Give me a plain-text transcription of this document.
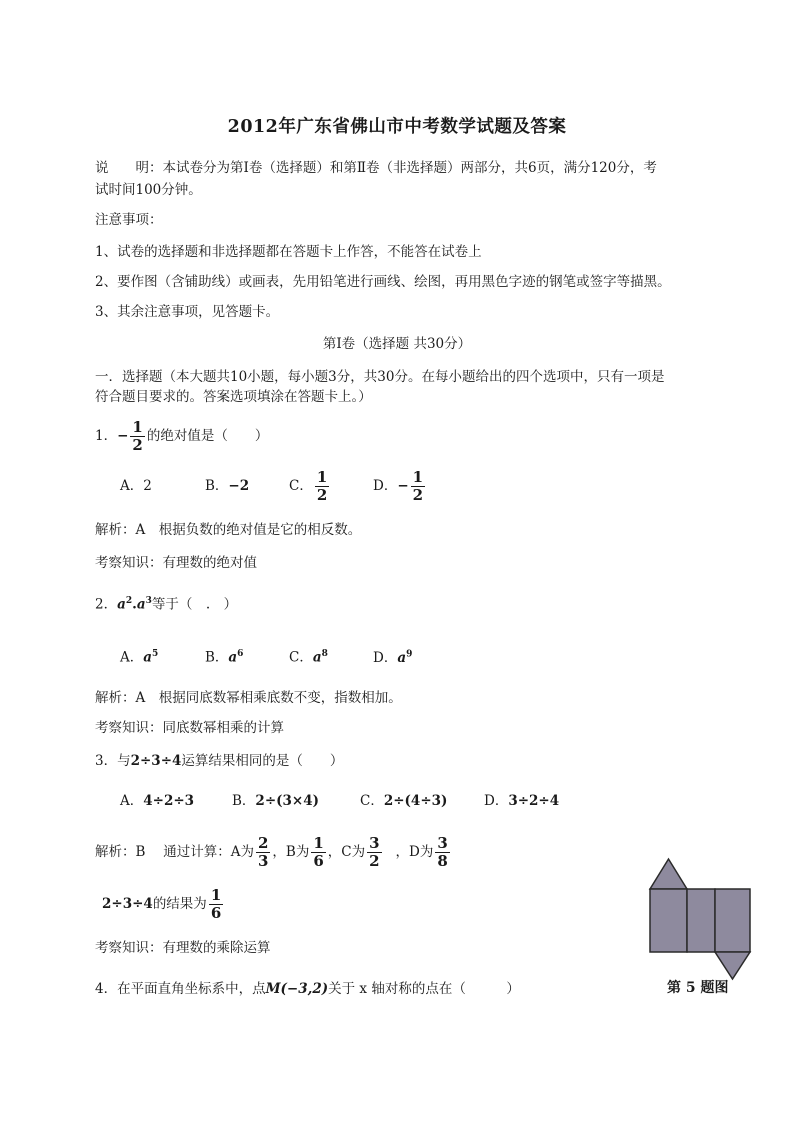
2012年广东省佛山市中考数学试题及答案
说　　明：本试卷分为第Ⅰ卷（选择题）和第Ⅱ卷（非选择题）两部分，共6页，满分120分，考
试时间100分钟。
注意事项：
1、试卷的选择题和非选择题都在答题卡上作答，不能答在试卷上
2、要作图（含铺助线）或画表，先用铅笔进行画线、绘图，再用黑色字迹的钢笔或签字等描黑。
3、其余注意事项，见答题卡。
第Ⅰ卷（选择题 共30分）
一．选择题（本大题共10小题，每小题3分，共30分。在每小题给出的四个选项中，只有一项是
符合题目要求的。答案选项填涂在答题卡上。）
1．− $\frac{1}{2}$ 的绝对值是（　　）
A．2	B．−2	C． $\frac{1}{2}$	D．− $\frac{1}{2}$
解析：A　根据负数的绝对值是它的相反数。
考察知识：有理数的绝对值
2．$a^2.a^3$等于（　.　）
A．$a^5$	B．$a^6$	C．$a^8$	D．$a^9$
解析：A　根据同底数幂相乘底数不变，指数相加。
考察知识：同底数幂相乘的计算
3．与2÷3÷4运算结果相同的是（　　）
A．4÷2÷3	B．2÷(3×4)	C．2÷(4÷3)	D．3÷2÷4
解析：B　 通过计算：A为 $\frac{2}{3}$ ，B为 $\frac{1}{6}$ ，C为 $\frac{3}{2}$ ，D为 $\frac{3}{8}$
2÷3÷4的结果为 $\frac{1}{6}$
考察知识：有理数的乘除运算
4．在平面直角坐标系中，点M(−3,2)关于 x 轴对称的点在（　　　）	第 5 题图
